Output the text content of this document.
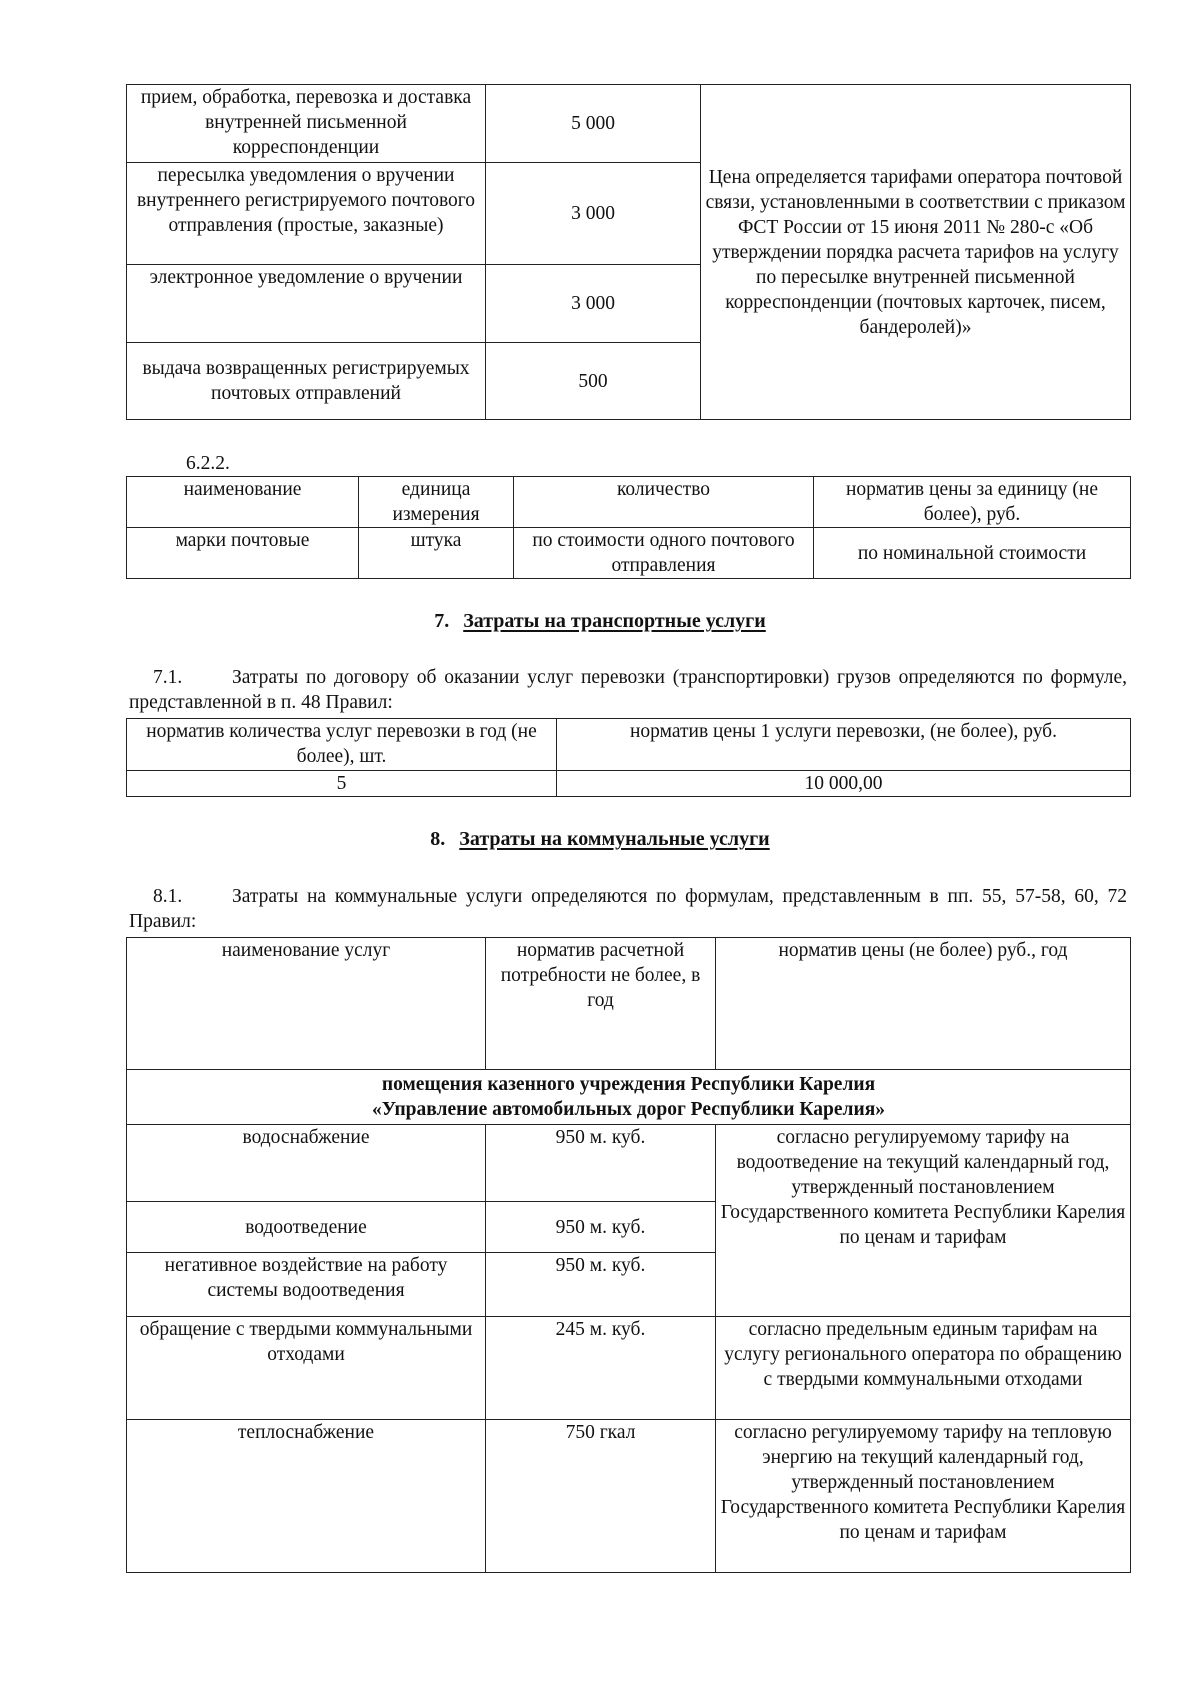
прием, обработка, перевозка и доставка внутренней письменной корреспонденции	5 000	Цена определяется тарифами оператора почтовой связи, установленными в соответствии с приказом ФСТ России от 15 июня 2011 № 280-с «Об утверждении порядка расчета тарифов на услугу по пересылке внутренней письменной корреспонденции (почтовых карточек, писем, бандеролей)»
пересылка уведомления о вручении внутреннего регистрируемого почтового отправления (простые, заказные)	3 000	
электронное уведомление о вручении	3 000	
выдача возвращенных регистрируемых почтовых отправлений	500	
6.2.2.
наименование	единица измерения	количество	норматив цены за единицу (не более), руб.
марки почтовые	штука	по стоимости одного почтового отправления	по номинальной стоимости
7. Затраты на транспортные услуги
7.1.	Затраты по договору об оказании услуг перевозки (транспортировки) грузов определяются по формуле, представленной в п. 48 Правил:
норматив количества услуг перевозки в год (не более), шт.	норматив цены 1 услуги перевозки, (не более), руб.
5	10 000,00
8. Затраты на коммунальные услуги
8.1.	Затраты на коммунальные услуги определяются по формулам, представленным в пп. 55, 57-58, 60, 72 Правил:
наименование услуг	норматив расчетной потребности не более, в год	норматив цены (не более) руб., год

помещения казенного учреждения Республики Карелия
«Управление автомобильных дорог Республики Карелия»		

водоснабжение	950 м. куб.	согласно регулируемому тарифу на водоотведение на текущий календарный год, утвержденный постановлением Государственного комитета Республики Карелия по ценам и тарифам
водоотведение	950 м. куб.	
негативное воздействие на работу системы водоотведения	950 м. куб.	
обращение с твердыми коммунальными отходами	245 м. куб.	согласно предельным единым тарифам на услугу регионального оператора по обращению с твердыми коммунальными отходами
теплоснабжение	750 гкал	согласно регулируемому тарифу на тепловую энергию на текущий календарный год, утвержденный постановлением Государственного комитета Республики Карелия по ценам и тарифам
